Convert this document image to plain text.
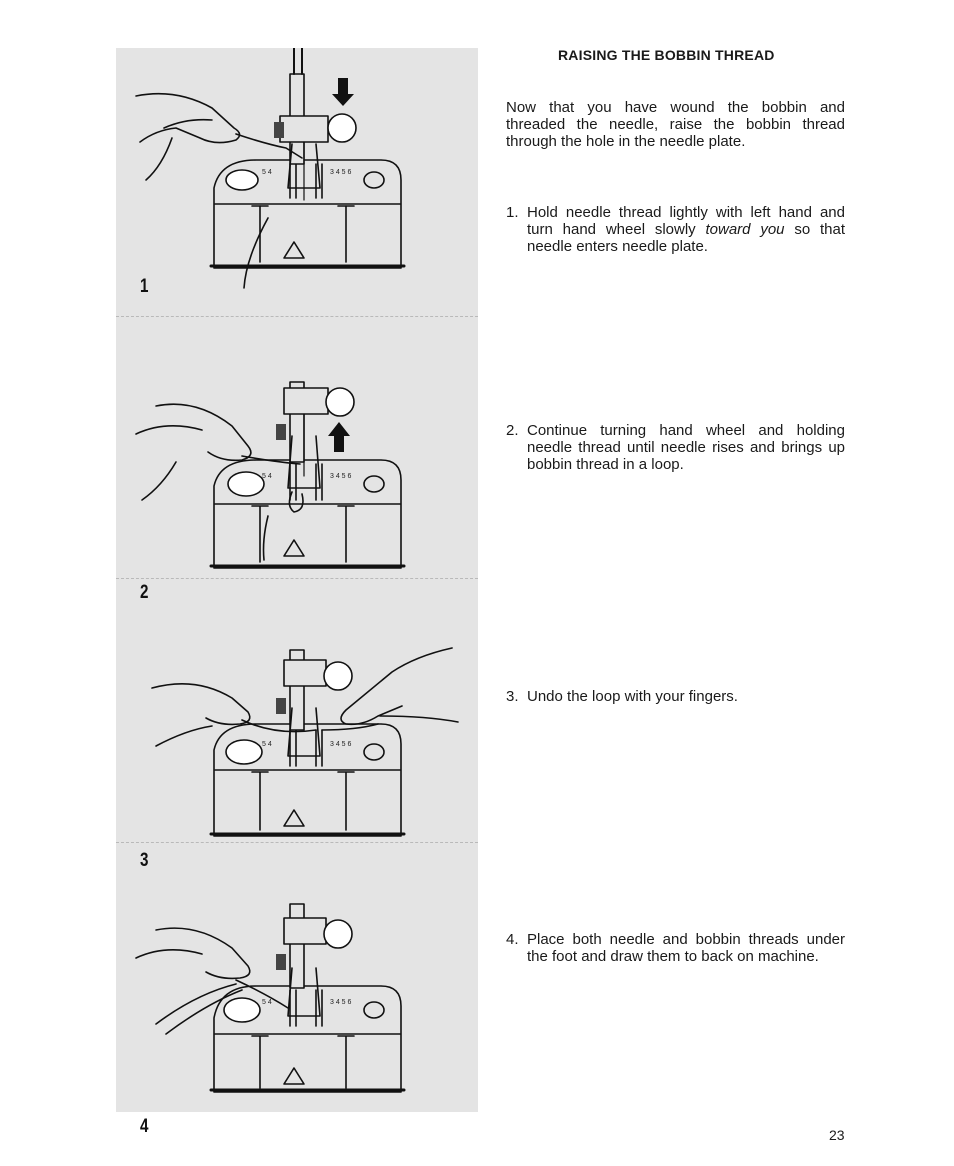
5 4	3 4 5 6
1
5 4	3 4 5 6
2
5 4	3 4 5 6
3
5 4	3 4 5 6
4
RAISING THE BOBBIN THREAD

Now that you have wound the bobbin and threaded the needle, raise the bobbin thread through the hole in the needle plate.

1. Hold needle thread lightly with left hand and turn hand wheel slowly toward you so that needle enters needle plate.
2. Continue turning hand wheel and holding needle thread until needle rises and brings up bobbin thread in a loop.
3. Undo the loop with your fingers.
4. Place both needle and bobbin threads under the foot and draw them to back on machine.
23
